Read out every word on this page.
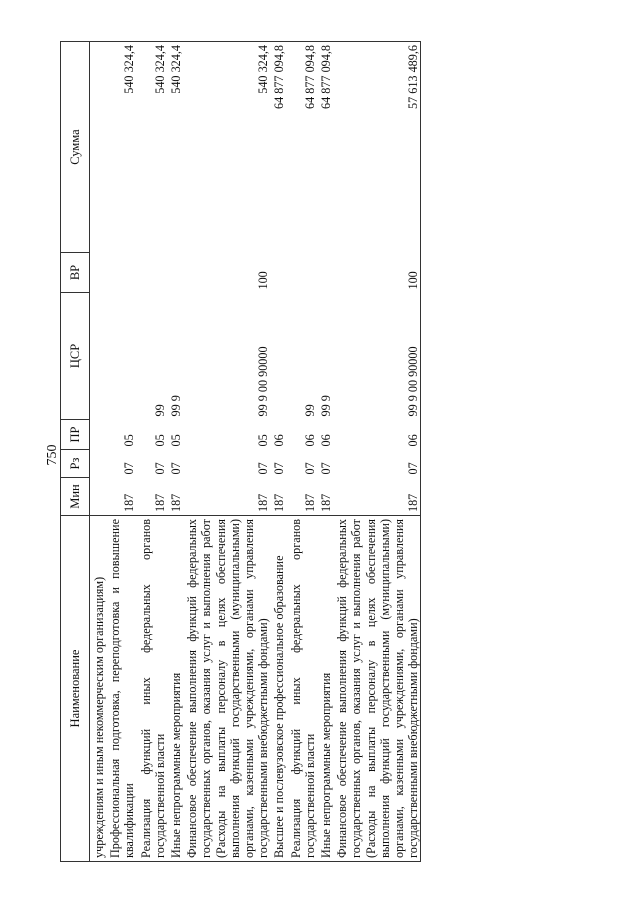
750
Наименование	Мин	Рз	ПР	ЦСР	ВР	Сумма
учреждениям и иным некоммерческим организациям)						
Профессиональная подготовка, переподготовка и повышение квалификации	187	07	05			540 324,4
Реализация функций иных федеральных органов государственной власти	187	07	05	99		540 324,4
Иные непрограммные мероприятия	187	07	05	99 9		540 324,4
Финансовое обеспечение выполнения функций федеральных государственных органов, оказания услуг и выполнения работ (Расходы на выплаты персоналу в целях обеспечения выполнения функций государственными (муниципальными) органами, казенными учреждениями, органами управления государственными внебюджетными фондами)	187	07	05	99 9 00 90000	100	540 324,4
Высшее и послевузовское профессиональное образование	187	07	06			64 877 094,8
Реализация функций иных федеральных органов государственной власти	187	07	06	99		64 877 094,8
Иные непрограммные мероприятия	187	07	06	99 9		64 877 094,8
Финансовое обеспечение выполнения функций федеральных государственных органов, оказания услуг и выполнения работ (Расходы на выплаты персоналу в целях обеспечения выполнения функций государственными (муниципальными) органами, казенными учреждениями, органами управления государственными внебюджетными фондами)	187	07	06	99 9 00 90000	100	57 613 489,6
